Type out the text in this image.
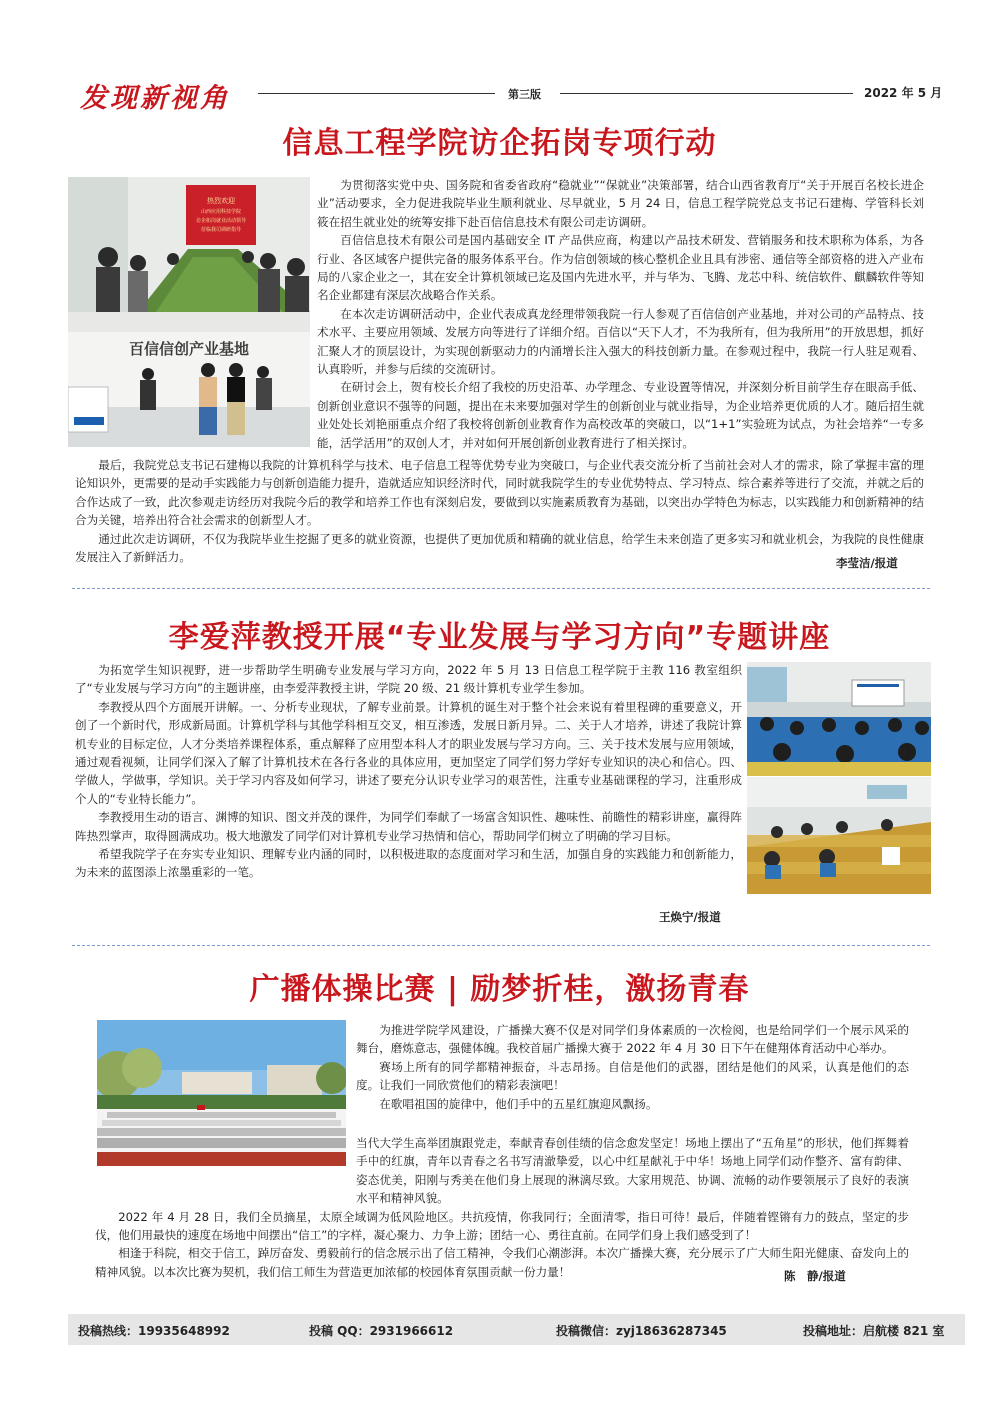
发现新视角	第三版	2022 年 5 月
信息工程学院访企拓岗专项行动
热烈欢迎
山西应用科技学院
访企拓岗就业活动领导
莅临我司调研指导
百信信创产业基地

为贯彻落实党中央、国务院和省委省政府“稳就业”“保就业”决策部署，结合山西省教育厅“关于开展百名校长进企业”活动要求，全力促进我院毕业生顺利就业、尽早就业，5 月 24 日，信息工程学院党总支书记石建梅、学管科长刘筱在招生就业处的统筹安排下赴百信信息技术有限公司走访调研。

百信信息技术有限公司是国内基础安全 IT 产品供应商，构建以产品技术研发、营销服务和技术职称为体系，为各行业、各区域客户提供完备的服务体系平台。作为信创领域的核心整机企业且具有涉密、通信等全部资格的进入产业布局的八家企业之一，其在安全计算机领域已迄及国内先进水平，并与华为、飞腾、龙芯中科、统信软件、麒麟软件等知名企业都建有深层次战略合作关系。

在本次走访调研活动中，企业代表成真龙经理带领我院一行人参观了百信信创产业基地，并对公司的产品特点、技术水平、主要应用领域、发展方向等进行了详细介绍。百信以“天下人才，不为我所有，但为我所用”的开放思想，抓好汇聚人才的顶层设计，为实现创新驱动力的内涌增长注入强大的科技创新力量。在参观过程中，我院一行人驻足观看、认真聆听，并参与后续的交流研讨。

在研讨会上，贺有校长介绍了我校的历史沿革、办学理念、专业设置等情况，并深刻分析目前学生存在眼高手低、创新创业意识不强等的问题，提出在未来要加强对学生的创新创业与就业指导，为企业培养更优质的人才。随后招生就业处处长刘艳丽重点介绍了我校将创新创业教育作为高校改革的突破口，以“1+1”实验班为试点，为社会培养“一专多能，活学活用”的双创人才，并对如何开展创新创业教育进行了相关探讨。

最后，我院党总支书记石建梅以我院的计算机科学与技术、电子信息工程等优势专业为突破口，与企业代表交流分析了当前社会对人才的需求，除了掌握丰富的理论知识外，更需要的是动手实践能力与创新创造能力提升，造就适应知识经济时代，同时就我院学生的专业优势特点、学习特点、综合素养等进行了交流，并就之后的合作达成了一致，此次参观走访经历对我院今后的教学和培养工作也有深刻启发，要做到以实施素质教育为基础，以突出办学特色为标志，以实践能力和创新精神的结合为关键，培养出符合社会需求的创新型人才。

通过此次走访调研，不仅为我院毕业生挖掘了更多的就业资源，也提供了更加优质和精确的就业信息，给学生未来创造了更多实习和就业机会，为我院的良性健康发展注入了新鲜活力。	李莹洁/报道
李爱萍教授开展“专业发展与学习方向”专题讲座

为拓宽学生知识视野，进一步帮助学生明确专业发展与学习方向，2022 年 5 月 13 日信息工程学院于主教 116 教室组织了“专业发展与学习方向”的主题讲座，由李爱萍教授主讲，学院 20 级、21 级计算机专业学生参加。

李教授从四个方面展开讲解。一、分析专业现状，了解专业前景。计算机的诞生对于整个社会来说有着里程碑的重要意义，开创了一个新时代，形成新局面。计算机学科与其他学科相互交叉，相互渗透，发展日新月异。二、关于人才培养，讲述了我院计算机专业的目标定位，人才分类培养课程体系，重点解释了应用型本科人才的职业发展与学习方向。三、关于技术发展与应用领域，通过观看视频，让同学们深入了解了计算机技术在各行各业的具体应用，更加坚定了同学们努力学好专业知识的决心和信心。四、学做人，学做事，学知识。关于学习内容及如何学习，讲述了要充分认识专业学习的艰苦性，注重专业基础课程的学习，注重形成个人的“专业特长能力”。

李教授用生动的语言、渊博的知识、图文并茂的课件，为同学们奉献了一场富含知识性、趣味性、前瞻性的精彩讲座，赢得阵阵热烈掌声，取得圆满成功。极大地激发了同学们对计算机专业学习热情和信心，帮助同学们树立了明确的学习目标。

希望我院学子在夯实专业知识、理解专业内涵的同时，以积极进取的态度面对学习和生活，加强自身的实践能力和创新能力，为未来的蓝图添上浓墨重彩的一笔。

王焕宁/报道
广播体操比赛 | 励梦折桂，激扬青春

为推进学院学风建设，广播操大赛不仅是对同学们身体素质的一次检阅，也是给同学们一个展示风采的舞台，磨炼意志，强健体魄。我校首届广播操大赛于 2022 年 4 月 30 日下午在健翔体育活动中心举办。

赛场上所有的同学都精神振奋，斗志昂扬。自信是他们的武器，团结是他们的风采，认真是他们的态度。让我们一同欣赏他们的精彩表演吧！

在歌唱祖国的旋律中，他们手中的五星红旗迎风飘扬。

当代大学生高举团旗跟党走，奉献青春创佳绩的信念愈发坚定！场地上摆出了“五角星”的形状，他们挥舞着手中的红旗，青年以青春之名书写清澈挚爱，以心中红星献礼于中华！场地上同学们动作整齐、富有韵律、姿态优美，阳刚与秀美在他们身上展现的淋漓尽致。大家用规范、协调、流畅的动作要领展示了良好的表演水平和精神风貌。

2022 年 4 月 28 日，我们全员摘星，太原全域调为低风险地区。共抗疫情，你我同行；全面清零，指日可待！最后，伴随着铿锵有力的鼓点，坚定的步伐，他们用最快的速度在场地中间摆出“信工”的字样，凝心聚力、力争上游；团结一心、勇往直前。在同学们身上我们感受到了！

相逢于科院，相交于信工，踔厉奋发、勇毅前行的信念展示出了信工精神，令我们心潮澎湃。本次广播操大赛，充分展示了广大师生阳光健康、奋发向上的精神风貌。以本次比赛为契机，我们信工师生为营造更加浓郁的校园体育氛围贡献一份力量！	陈　静/报道
投稿热线：19935648992	投稿 QQ：2931966612	投稿微信：zyj18636287345	投稿地址：启航楼 821 室
